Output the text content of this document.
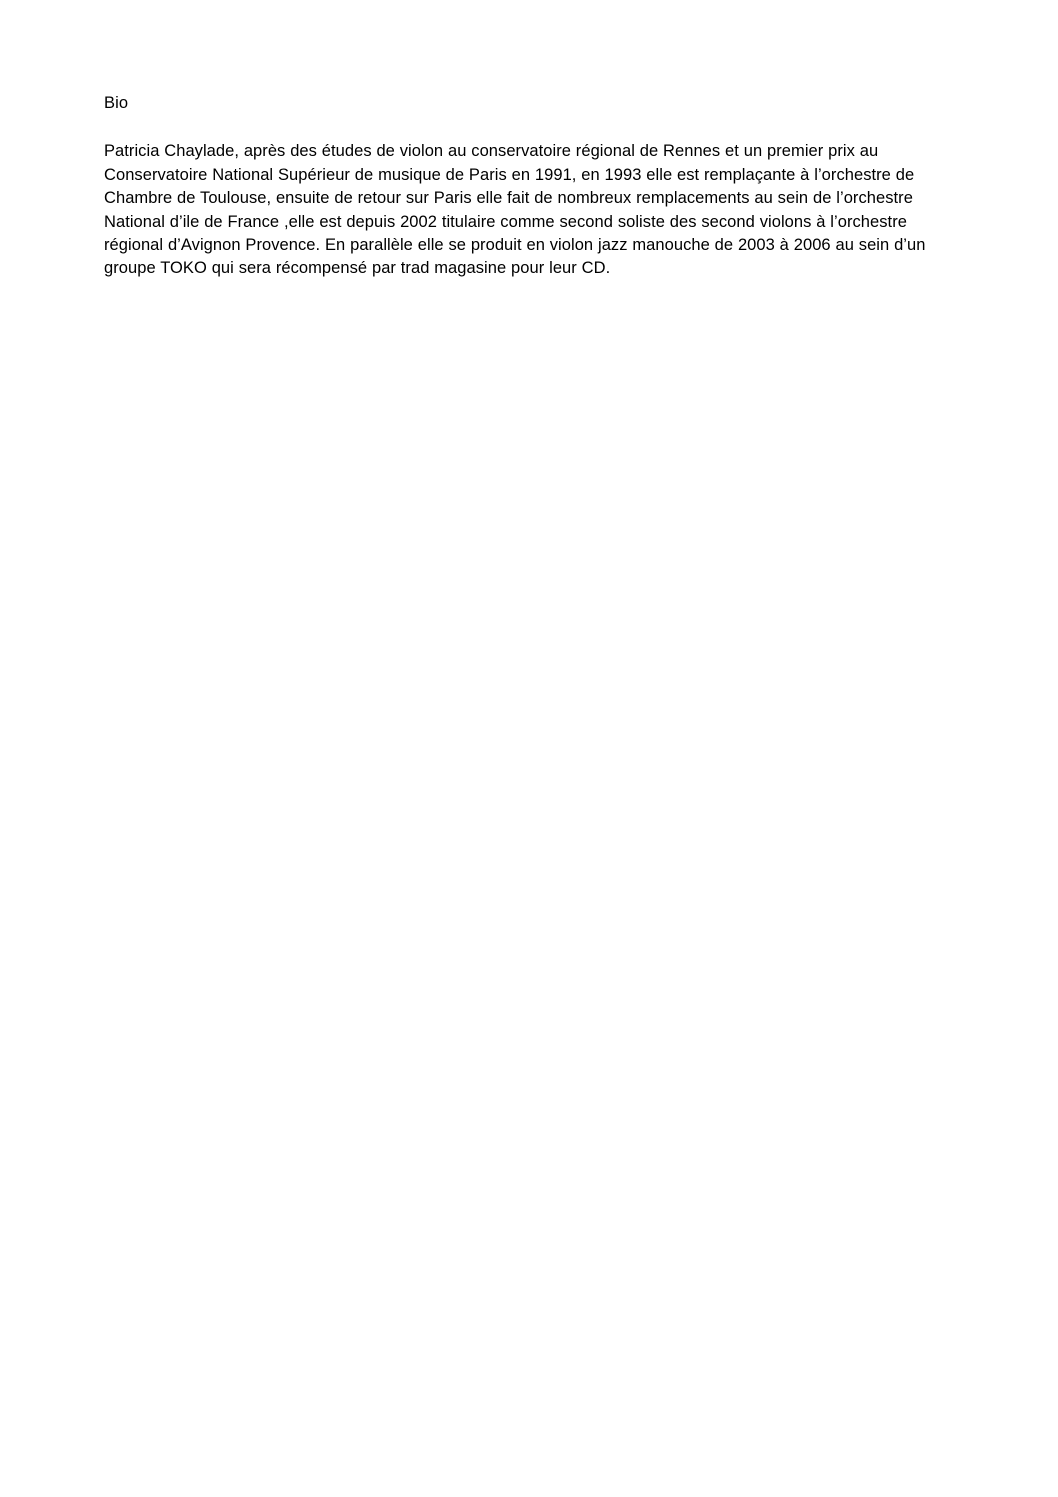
Bio

Patricia Chaylade, après des études de violon au conservatoire régional de Rennes et un premier prix au Conservatoire National Supérieur de musique de Paris en 1991, en 1993 elle est remplaçante à l’orchestre de Chambre de Toulouse, ensuite de retour sur Paris elle fait de nombreux remplacements au sein de l’orchestre National d’ile de France ,elle est depuis 2002 titulaire comme second soliste des second violons à l’orchestre régional d’Avignon Provence. En parallèle elle se produit en violon jazz manouche de 2003 à 2006 au sein d’un groupe TOKO qui sera récompensé par trad magasine pour leur CD.
